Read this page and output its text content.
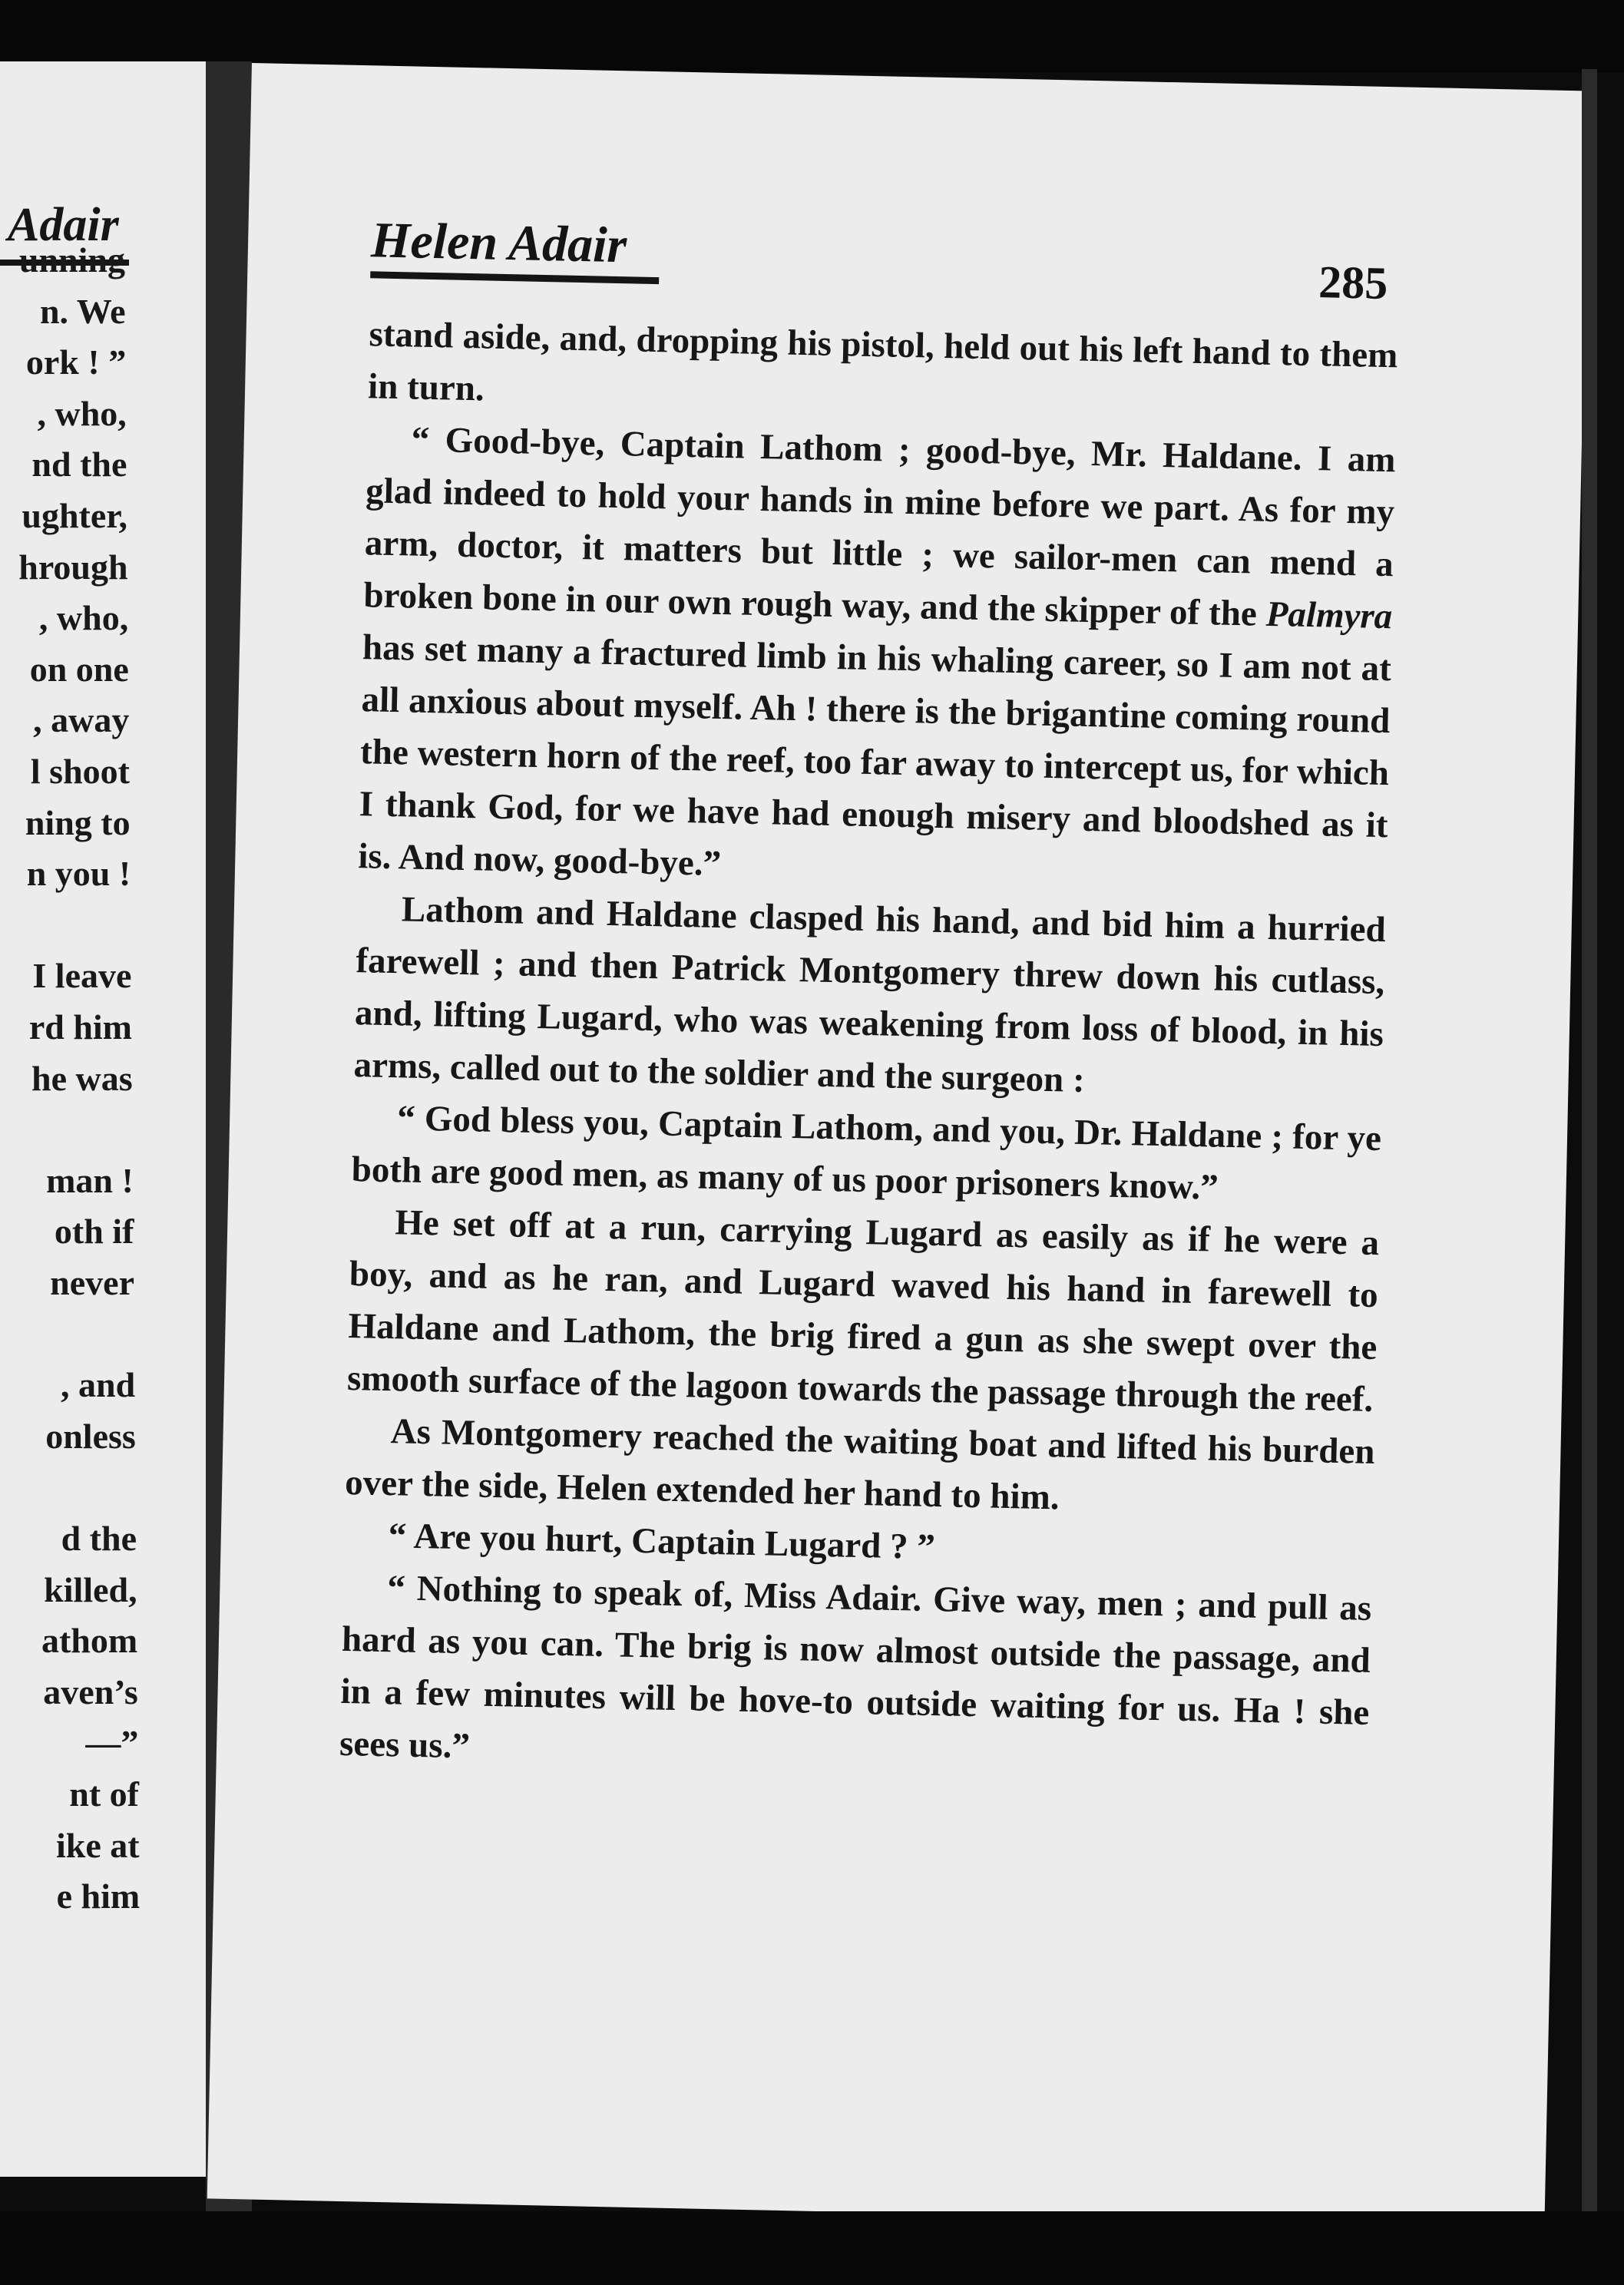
Adair
unning
n. We
ork ! ”
, who,
nd the
ughter,
hrough
, who,
on one
, away
l shoot
ning to
n you !
I leave
rd him
he was
man !
oth if
never
, and
onless
d the
killed,
athom
aven’s
—”
nt of
ike at
e him
Helen Adair
285

stand aside, and, dropping his pistol, held out his left hand to them in turn.

“ Good-bye, Captain Lathom ; good-bye, Mr. Haldane. I am glad indeed to hold your hands in mine before we part. As for my arm, doctor, it matters but little ; we sailor-men can mend a broken bone in our own rough way, and the skipper of the Palmyra has set many a fractured limb in his whaling career, so I am not at all anxious about myself. Ah ! there is the brigantine coming round the western horn of the reef, too far away to intercept us, for which I thank God, for we have had enough misery and bloodshed as it is. And now, good-bye.”

Lathom and Haldane clasped his hand, and bid him a hurried farewell ; and then Patrick Montgomery threw down his cutlass, and, lifting Lugard, who was weakening from loss of blood, in his arms, called out to the soldier and the surgeon :

“ God bless you, Captain Lathom, and you, Dr. Haldane ; for ye both are good men, as many of us poor prisoners know.”

He set off at a run, carrying Lugard as easily as if he were a boy, and as he ran, and Lugard waved his hand in farewell to Haldane and Lathom, the brig fired a gun as she swept over the smooth surface of the lagoon towards the passage through the reef.

As Montgomery reached the waiting boat and lifted his burden over the side, Helen extended her hand to him.

“ Are you hurt, Captain Lugard ? ”

“ Nothing to speak of, Miss Adair. Give way, men ; and pull as hard as you can. The brig is now almost outside the passage, and in a few minutes will be hove-to outside waiting for us. Ha ! she sees us.”
